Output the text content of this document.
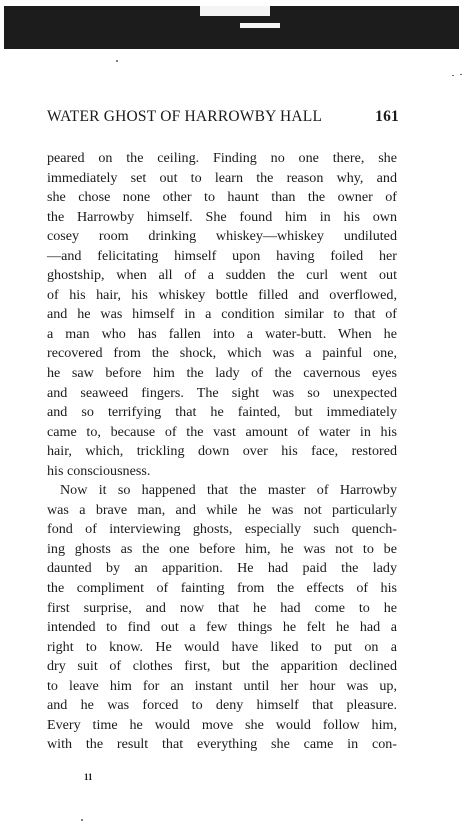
WATER GHOST OF HARROWBY HALL	161
peared on the ceiling. Finding no one there, she
immediately set out to learn the reason why, and
she chose none other to haunt than the owner of
the Harrowby himself. She found him in his own
cosey room drinking whiskey—whiskey undiluted
—and felicitating himself upon having foiled her
ghostship, when all of a sudden the curl went out
of his hair, his whiskey bottle filled and overflowed,
and he was himself in a condition similar to that of
a man who has fallen into a water-butt. When he
recovered from the shock, which was a painful one,
he saw before him the lady of the cavernous eyes
and seaweed fingers. The sight was so unexpected
and so terrifying that he fainted, but immediately
came to, because of the vast amount of water in his
hair, which, trickling down over his face, restored
his consciousness.
Now it so happened that the master of Harrowby
was a brave man, and while he was not particularly
fond of interviewing ghosts, especially such quench-
ing ghosts as the one before him, he was not to be
daunted by an apparition. He had paid the lady
the compliment of fainting from the effects of his
first surprise, and now that he had come to he
intended to find out a few things he felt he had a
right to know. He would have liked to put on a
dry suit of clothes first, but the apparition declined
to leave him for an instant until her hour was up,
and he was forced to deny himself that pleasure.
Every time he would move she would follow him,
with the result that everything she came in con-
11
